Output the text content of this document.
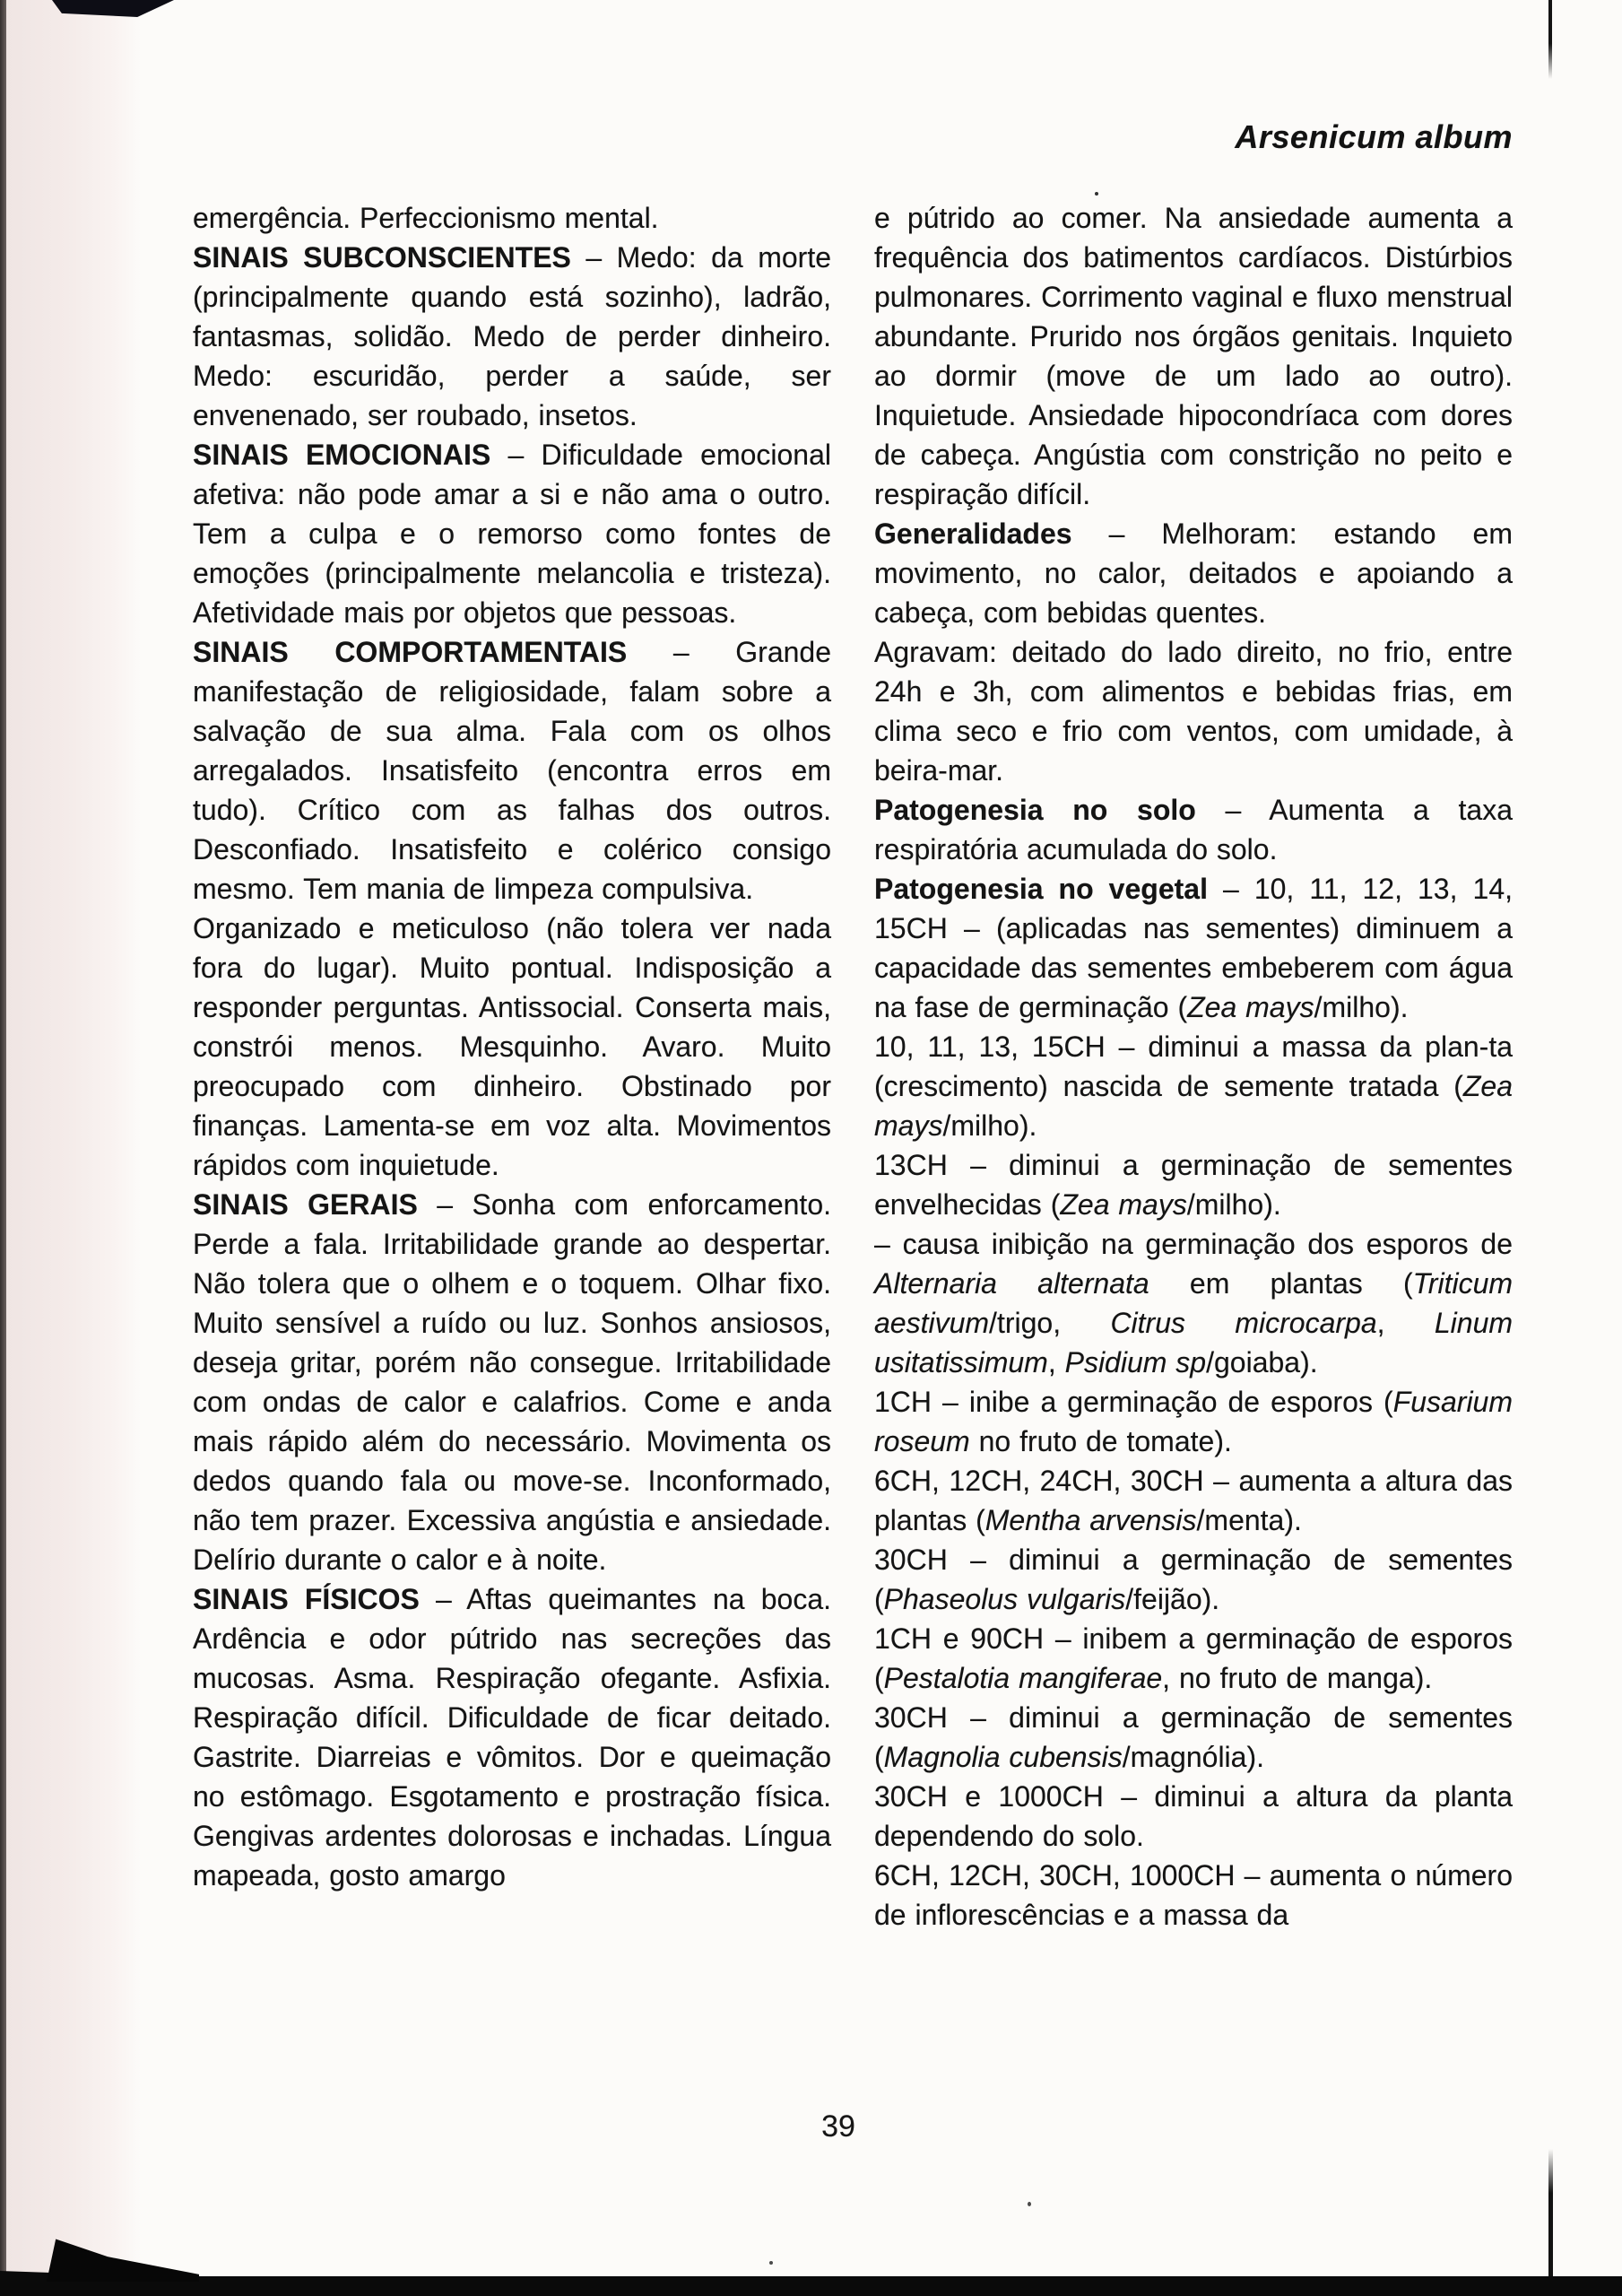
Arsenicum album

emergência. Perfeccionismo mental.

SINAIS SUBCONSCIENTES – Medo: da morte (principalmente quando está sozinho), ladrão, fantasmas, solidão. Medo de perder dinheiro. Medo: escuridão, perder a saúde, ser envenenado, ser roubado, insetos.

SINAIS EMOCIONAIS – Dificuldade emocional afetiva: não pode amar a si e não ama o outro. Tem a culpa e o remorso como fontes de emoções (principalmente melancolia e tristeza). Afetividade mais por objetos que pessoas.

SINAIS COMPORTAMENTAIS – Grande manifestação de religiosidade, falam sobre a salvação de sua alma. Fala com os olhos arregalados. Insatisfeito (encontra erros em tudo). Crítico com as falhas dos outros. Desconfiado. Insatisfeito e colérico consigo mesmo. Tem mania de limpeza compulsiva.

Organizado e meticuloso (não tolera ver nada fora do lugar). Muito pontual. Indisposição a responder perguntas. Antissocial. Conserta mais, constrói menos. Mesquinho. Avaro. Muito preocupado com dinheiro. Obstinado por finanças. Lamenta-se em voz alta. Movimentos rápidos com inquietude.

SINAIS GERAIS – Sonha com enforcamento. Perde a fala. Irritabilidade grande ao despertar. Não tolera que o olhem e o toquem. Olhar fixo. Muito sensível a ruído ou luz. Sonhos ansiosos, deseja gritar, porém não consegue. Irritabilidade com ondas de calor e calafrios. Come e anda mais rápido além do necessário. Movimenta os dedos quando fala ou move-se. Inconformado, não tem prazer. Excessiva angústia e ansiedade. Delírio durante o calor e à noite.

SINAIS FÍSICOS – Aftas queimantes na boca. Ardência e odor pútrido nas secreções das mucosas. Asma. Respiração ofegante. Asfixia. Respiração difícil. Dificuldade de ficar deitado. Gastrite. Diarreias e vômitos. Dor e queimação no estômago. Esgotamento e prostração física. Gengivas ardentes dolorosas e inchadas. Língua mapeada, gosto amargo

e pútrido ao comer. Na ansiedade aumenta a frequência dos batimentos cardíacos. Distúrbios pulmonares. Corrimento vaginal e fluxo menstrual abundante. Prurido nos órgãos genitais. Inquieto ao dormir (move de um lado ao outro). Inquietude. Ansiedade hipocondríaca com dores de cabeça. Angústia com constrição no peito e respiração difícil.

Generalidades – Melhoram: estando em movimento, no calor, deitados e apoiando a cabeça, com bebidas quentes.

Agravam: deitado do lado direito, no frio, entre 24h e 3h, com alimentos e bebidas frias, em clima seco e frio com ventos, com umidade, à beira-mar.

Patogenesia no solo – Aumenta a taxa respiratória acumulada do solo.

Patogenesia no vegetal – 10, 11, 12, 13, 14, 15CH – (aplicadas nas sementes) diminuem a capacidade das sementes embeberem com água na fase de germinação (Zea mays/milho).

10, 11, 13, 15CH – diminui a massa da plan-ta (crescimento) nascida de semente tratada (Zea mays/milho).

13CH – diminui a germinação de sementes envelhecidas (Zea mays/milho).

– causa inibição na germinação dos esporos de Alternaria alternata em plantas (Triticum aestivum/trigo, Citrus microcarpa, Linum usitatissimum, Psidium sp/goiaba).

1CH – inibe a germinação de esporos (Fusarium roseum no fruto de tomate).

6CH, 12CH, 24CH, 30CH – aumenta a altura das plantas (Mentha arvensis/menta).

30CH – diminui a germinação de sementes (Phaseolus vulgaris/feijão).

1CH e 90CH – inibem a germinação de esporos (Pestalotia mangiferae, no fruto de manga).

30CH – diminui a germinação de sementes (Magnolia cubensis/magnólia).

30CH e 1000CH – diminui a altura da planta dependendo do solo.

6CH, 12CH, 30CH, 1000CH – aumenta o número de inflorescências e a massa da

39
